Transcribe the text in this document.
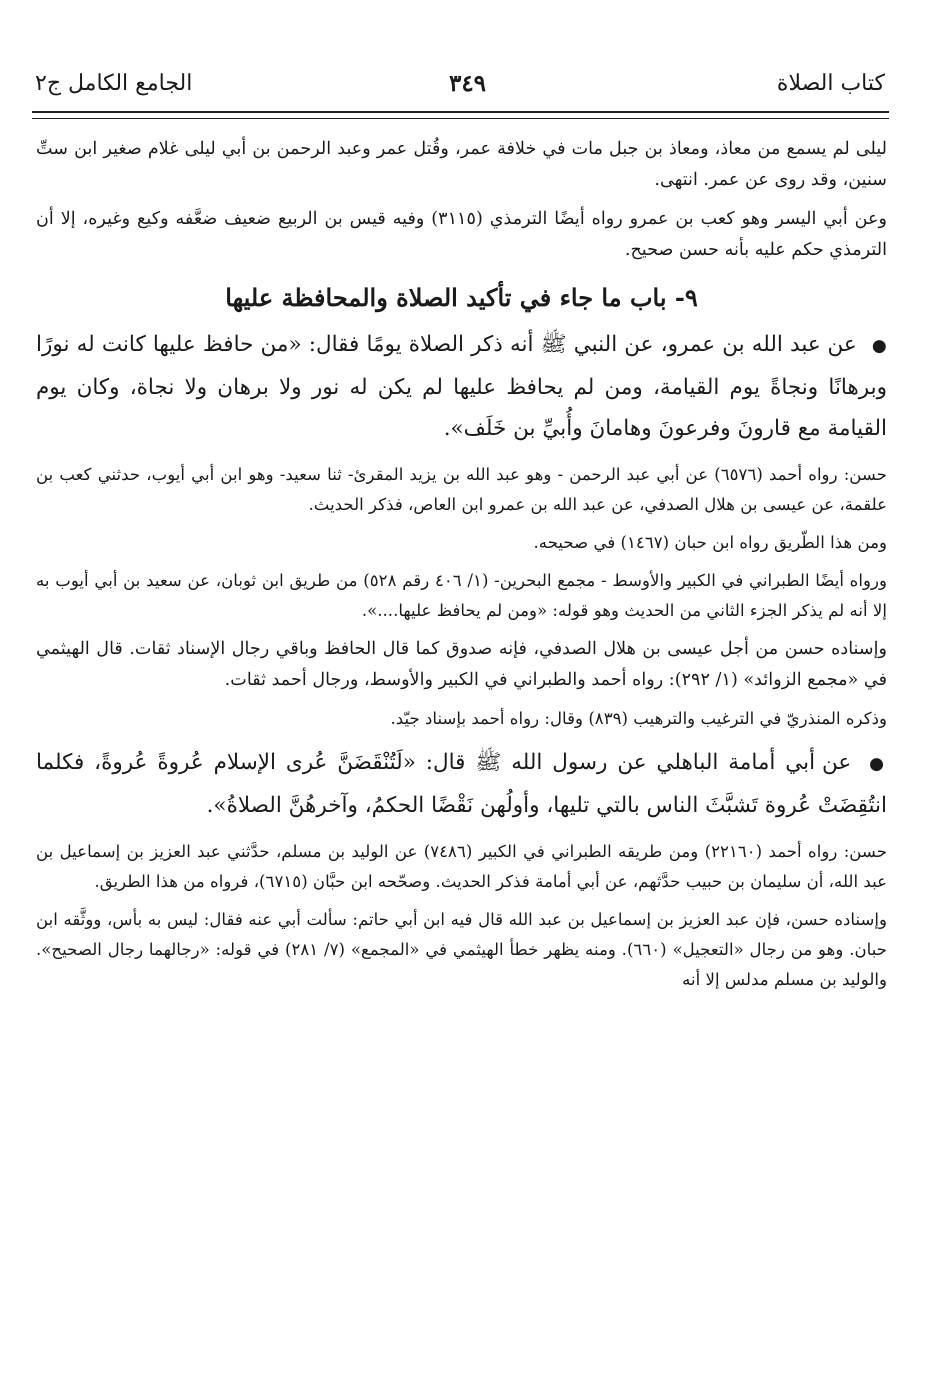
٣٤٩	كتاب الصلاة
الجامع الكامل ج٢

ليلى لم يسمع من معاذ، ومعاذ بن جبل مات في خلافة عمر، وقُتل عمر وعبد الرحمن بن أبي ليلى غلام صغير ابن ستِّ سنين، وقد روى عن عمر. انتهى.

وعن أبي اليسر وهو كعب بن عمرو رواه أيضًا الترمذي (٣١١٥) وفيه قيس بن الربيع ضعيف ضعَّفه وكيع وغيره، إلا أن الترمذي حكم عليه بأنه حسن صحيح.

٩- باب ما جاء في تأكيد الصلاة والمحافظة عليها

● عن عبد الله بن عمرو، عن النبي ﷺ أنه ذكر الصلاة يومًا فقال: «من حافظ عليها كانت له نورًا وبرهانًا ونجاةً يوم القيامة، ومن لم يحافظ عليها لم يكن له نور ولا برهان ولا نجاة، وكان يوم القيامة مع قارونَ وفرعونَ وهامانَ وأُبيِّ بن خَلَف».

حسن: رواه أحمد (٦٥٧٦) عن أبي عبد الرحمن - وهو عبد الله بن يزيد المقرئ- ثنا سعيد- وهو ابن أبي أيوب، حدثني كعب بن علقمة، عن عيسى بن هلال الصدفي، عن عبد الله بن عمرو ابن العاص، فذكر الحديث.

ومن هذا الطّريق رواه ابن حبان (١٤٦٧) في صحيحه.

ورواه أيضًا الطبراني في الكبير والأوسط - مجمع البحرين- (١/ ٤٠٦ رقم ٥٢٨) من طريق ابن ثوبان، عن سعيد بن أبي أيوب به إلا أنه لم يذكر الجزء الثاني من الحديث وهو قوله: «ومن لم يحافظ عليها....».

وإسناده حسن من أجل عيسى بن هلال الصدفي، فإنه صدوق كما قال الحافظ وباقي رجال الإسناد ثقات. قال الهيثمي في «مجمع الزوائد» (١/ ٢٩٢): رواه أحمد والطبراني في الكبير والأوسط، ورجال أحمد ثقات.

وذكره المنذريّ في الترغيب والترهيب (٨٣٩) وقال: رواه أحمد بإسناد جيّد.

● عن أبي أمامة الباهلي عن رسول الله ﷺ قال: «لَتُنْقَضَنَّ عُرى الإسلام عُروةً عُروةً، فكلما انتُقِضَتْ عُروة تَشبَّثَ الناس بالتي تليها، وأولُهن نَقْضًا الحكمُ، وآخرهُنَّ الصلاةُ».

حسن: رواه أحمد (٢٢١٦٠) ومن طريقه الطبراني في الكبير (٧٤٨٦) عن الوليد بن مسلم، حدَّثني عبد العزيز بن إسماعيل بن عبد الله، أن سليمان بن حبيب حدَّثهم، عن أبي أمامة فذكر الحديث. وصحّحه ابن حبَّان (٦٧١٥)، فرواه من هذا الطريق.

وإسناده حسن، فإن عبد العزيز بن إسماعيل بن عبد الله قال فيه ابن أبي حاتم: سألت أبي عنه فقال: ليس به بأس، ووثَّقه ابن حبان. وهو من رجال «التعجيل» (٦٦٠). ومنه يظهر خطأ الهيثمي في «المجمع» (٧/ ٢٨١) في قوله: «رجالهما رجال الصحيح». والوليد بن مسلم مدلس إلا أنه
